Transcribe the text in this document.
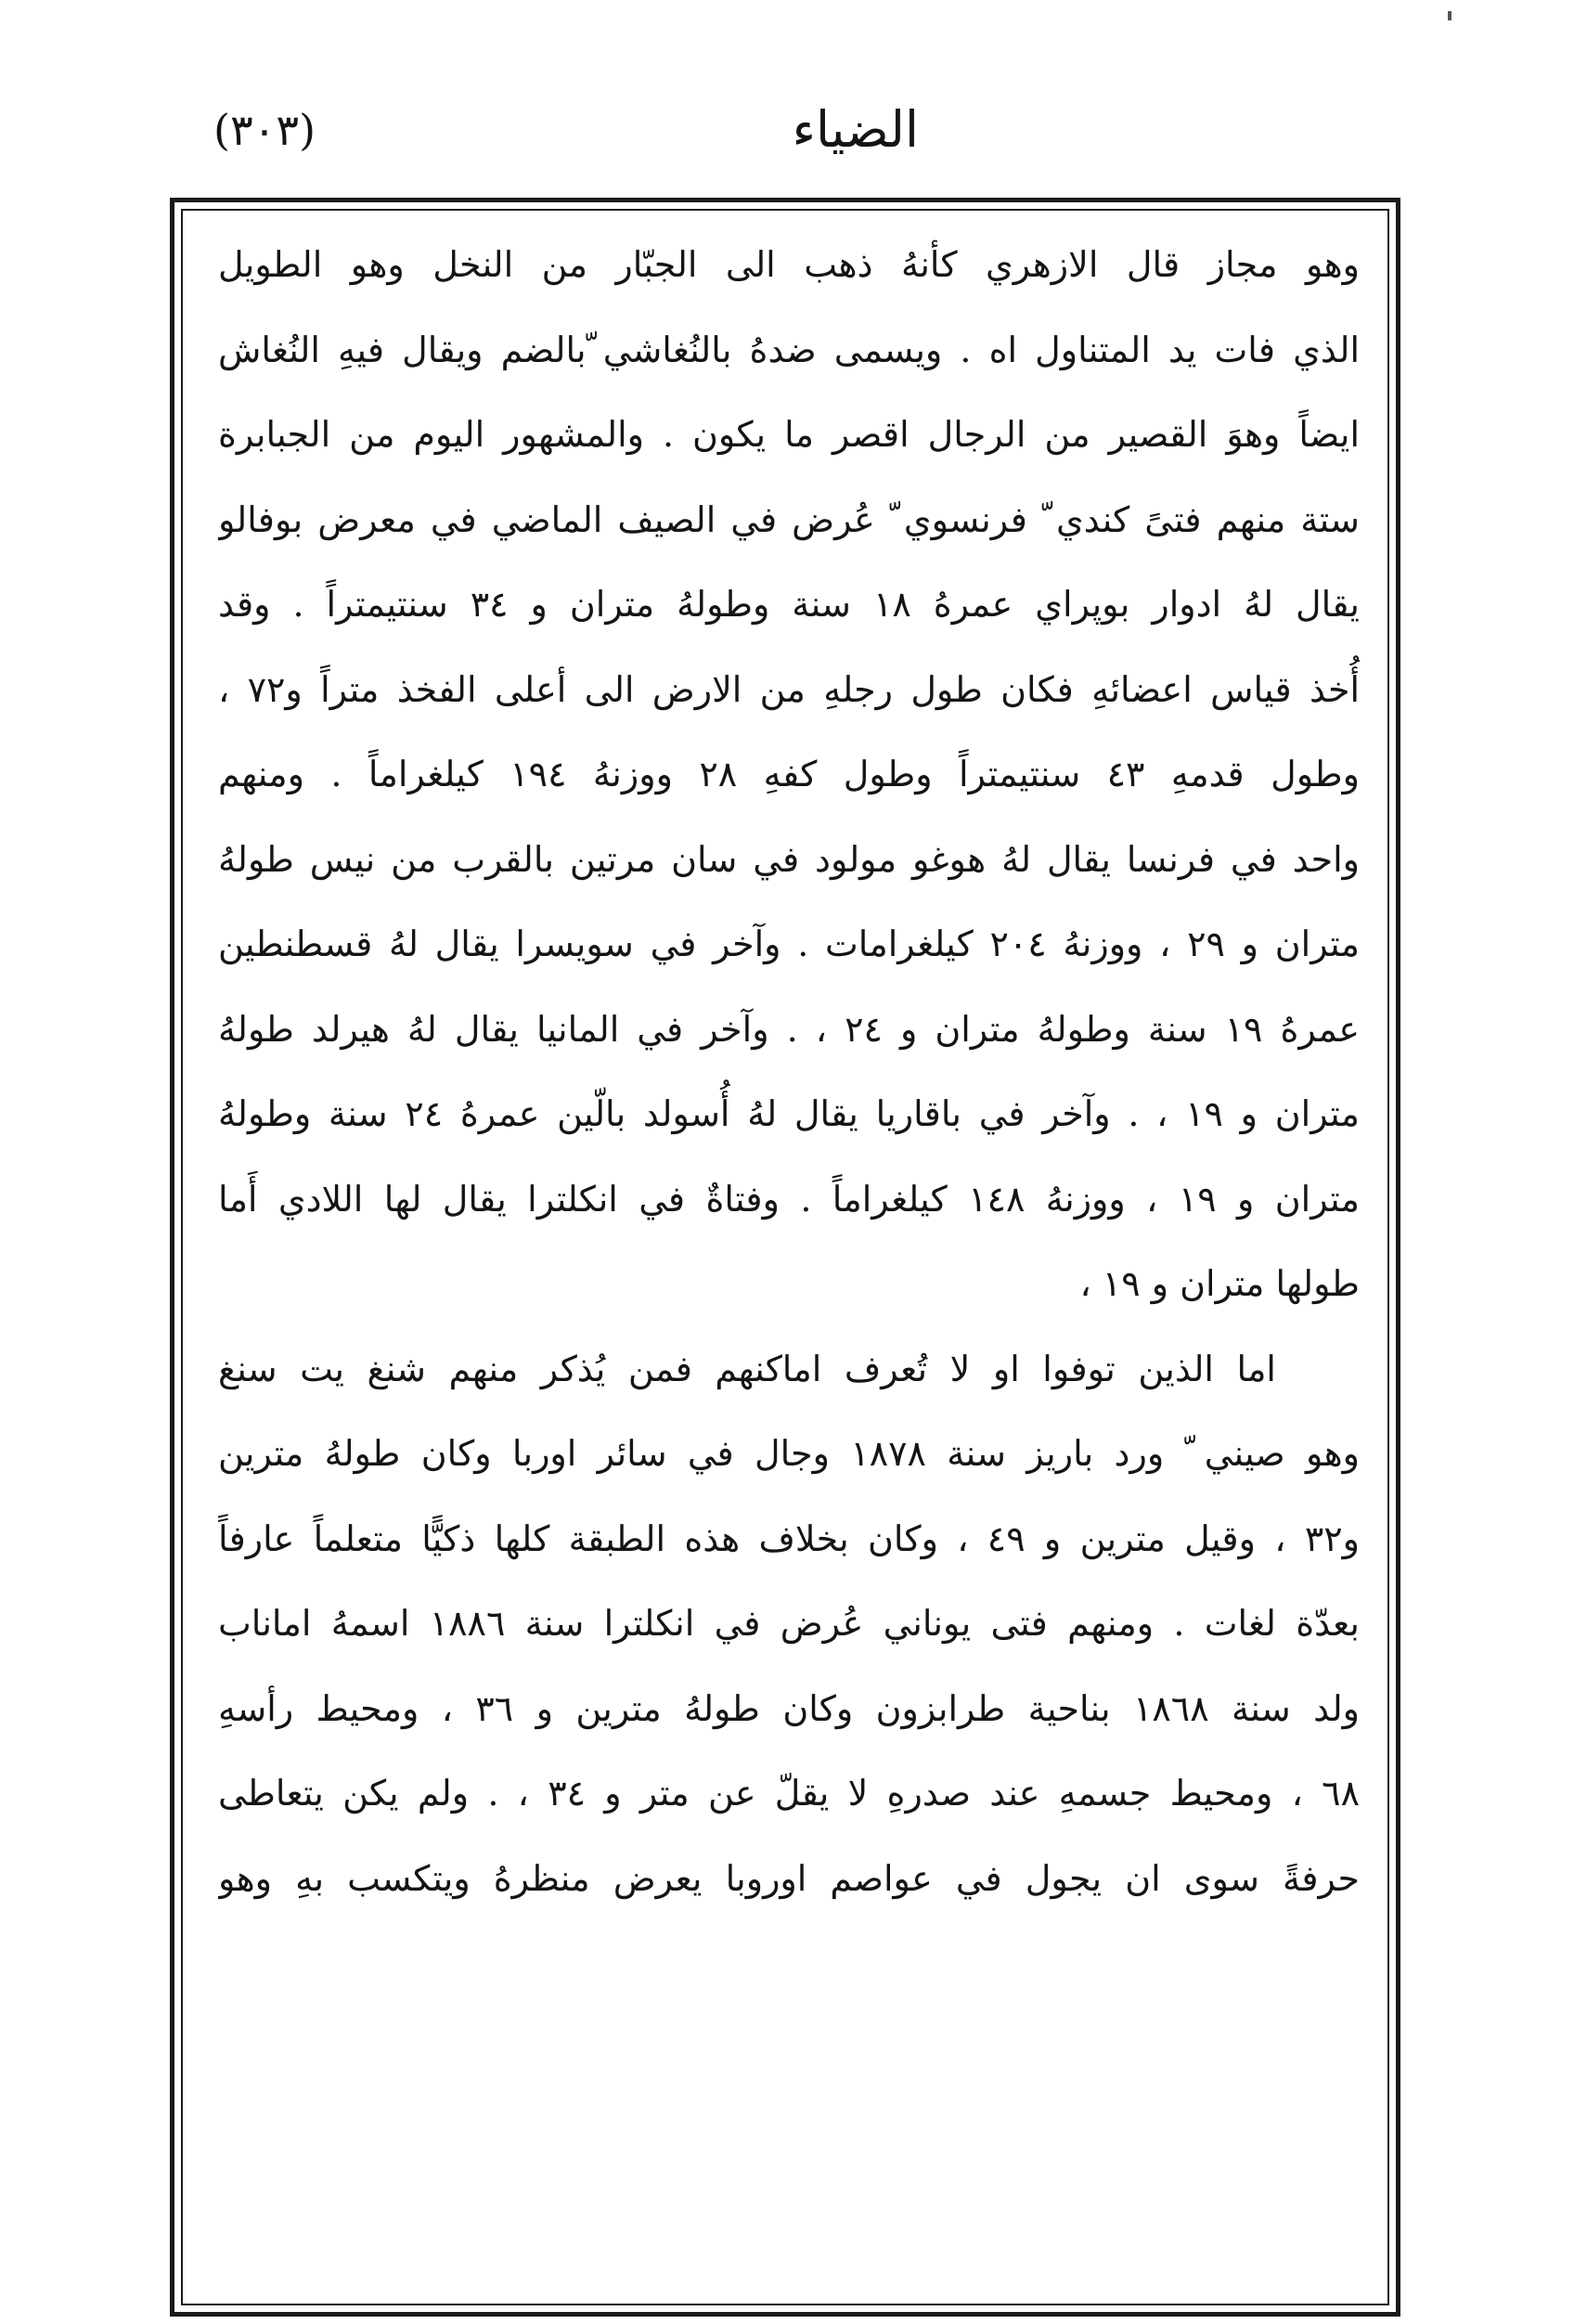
الضياء
(٣٠٣)
وهو مجاز قال الازهري كأنهُ ذهب الى الجبّار من النخل وهو الطويل
الذي فات يد المتناول اه . ويسمى ضدهُ بالنُغاشي ّبالضم ويقال فيهِ النُغاش
ايضاً وهوَ القصير من الرجال اقصر ما يكون . والمشهور اليوم من الجبابرة
ستة منهم فتىً كندي ّ فرنسوي ّ عُرض في الصيف الماضي في معرض بوفالو
يقال لهُ ادوار بوپراي عمرهُ ١٨ سنة وطولهُ متران و ٣٤ سنتيمتراً . وقد
أُخذ قياس اعضائهِ فكان طول رجلهِ من الارض الى أعلى الفخذ متراً و٧٢ ،
وطول قدمهِ ٤٣ سنتيمتراً وطول كفهِ ٢٨ ووزنهُ ١٩٤ كيلغراماً . ومنهم
واحد في فرنسا يقال لهُ هوغو مولود في سان مرتين بالقرب من نيس طولهُ
متران و ٢٩ ، ووزنهُ ٢٠٤ كيلغرامات . وآخر في سويسرا يقال لهُ قسطنطين
عمرهُ ١٩ سنة وطولهُ متران و ٢٤ ، . وآخر في المانيا يقال لهُ هيرلد طولهُ
متران و ١٩ ، . وآخر في باقاريا يقال لهُ أُسولد بالّين عمرهُ ٢٤ سنة وطولهُ
متران و ١٩ ، ووزنهُ ١٤٨ كيلغراماً . وفتاةٌ في انكلترا يقال لها اللادي أَما
طولها متران و ١٩ ،
اما الذين توفوا او لا تُعرف اماكنهم فمن يُذكر منهم شنغ يت سنغ
وهو صيني ّ ورد باريز سنة ١٨٧٨ وجال في سائر اوربا وكان طولهُ مترين
و٣٢ ، وقيل مترين و ٤٩ ، وكان بخلاف هذه الطبقة كلها ذكيًّا متعلماً عارفاً
بعدّة لغات . ومنهم فتى يوناني عُرض في انكلترا سنة ١٨٨٦ اسمهُ اماناب
ولد سنة ١٨٦٨ بناحية طرابزون وكان طولهُ مترين و ٣٦ ، ومحيط رأسهِ
٦٨ ، ومحيط جسمهِ عند صدرهِ لا يقلّ عن متر و ٣٤ ، . ولم يكن يتعاطى
حرفةً سوى ان يجول في عواصم اوروبا يعرض منظرهُ ويتكسب بهِ وهو
